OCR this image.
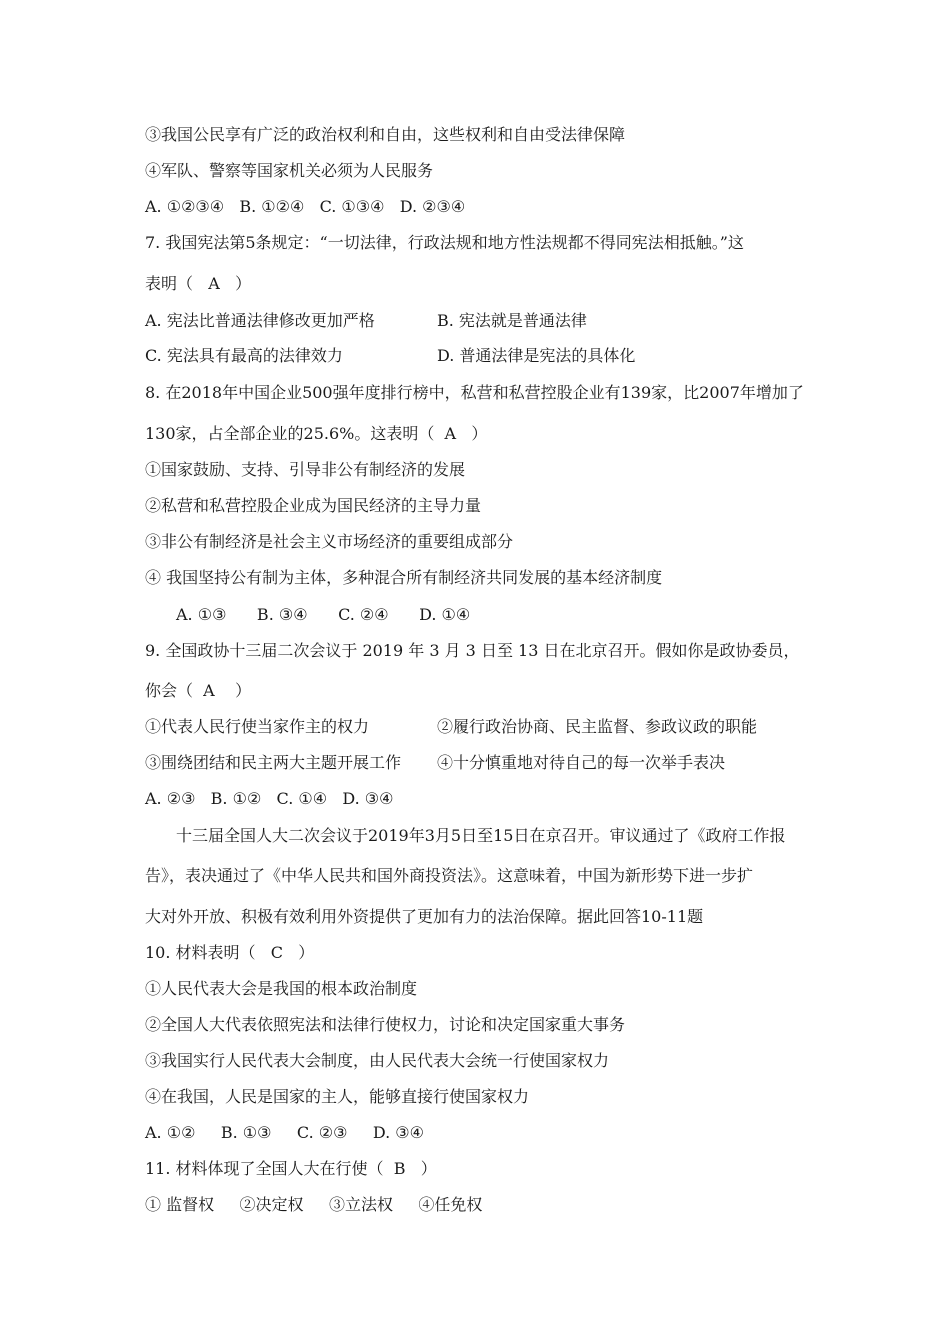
③我国公民享有广泛的政治权利和自由，这些权利和自由受法律保障
④军队、警察等国家机关必须为人民服务
A. ①②③④   B. ①②④   C. ①③④   D. ②③④
7. 我国宪法第5条规定：“一切法律，行政法规和地方性法规都不得同宪法相抵触。”这
表明（   A   ）
A. 宪法比普通法律修改更加严格	B. 宪法就是普通法律
C. 宪法具有最高的法律效力	D. 普通法律是宪法的具体化
8. 在2018年中国企业500强年度排行榜中，私营和私营控股企业有139家，比2007年增加了
130家，占全部企业的25.6%。这表明（  A   ）
①国家鼓励、支持、引导非公有制经济的发展
②私营和私营控股企业成为国民经济的主导力量
③非公有制经济是社会主义市场经济的重要组成部分
④ 我国坚持公有制为主体，多种混合所有制经济共同发展的基本经济制度
A. ①③      B. ③④      C. ②④      D. ①④
9. 全国政协十三届二次会议于 2019 年 3 月 3 日至 13 日在北京召开。假如你是政协委员，
你会（  A    ）
①代表人民行使当家作主的权力	②履行政治协商、民主监督、参政议政的职能
③围绕团结和民主两大主题开展工作 ④十分慎重地对待自己的每一次举手表决
A. ②③   B. ①②   C. ①④   D. ③④
十三届全国人大二次会议于2019年3月5日至15日在京召开。审议通过了《政府工作报
告》，表决通过了《中华人民共和国外商投资法》。这意味着，中国为新形势下进一步扩
大对外开放、积极有效利用外资提供了更加有力的法治保障。据此回答10-11题
10. 材料表明（   C   ）
①人民代表大会是我国的根本政治制度
②全国人大代表依照宪法和法律行使权力，讨论和决定国家重大事务
③我国实行人民代表大会制度，由人民代表大会统一行使国家权力
④在我国，人民是国家的主人，能够直接行使国家权力
A. ①②     B. ①③     C. ②③     D. ③④
11. 材料体现了全国人大在行使（  B   ）
① 监督权     ②决定权     ③立法权     ④任免权
